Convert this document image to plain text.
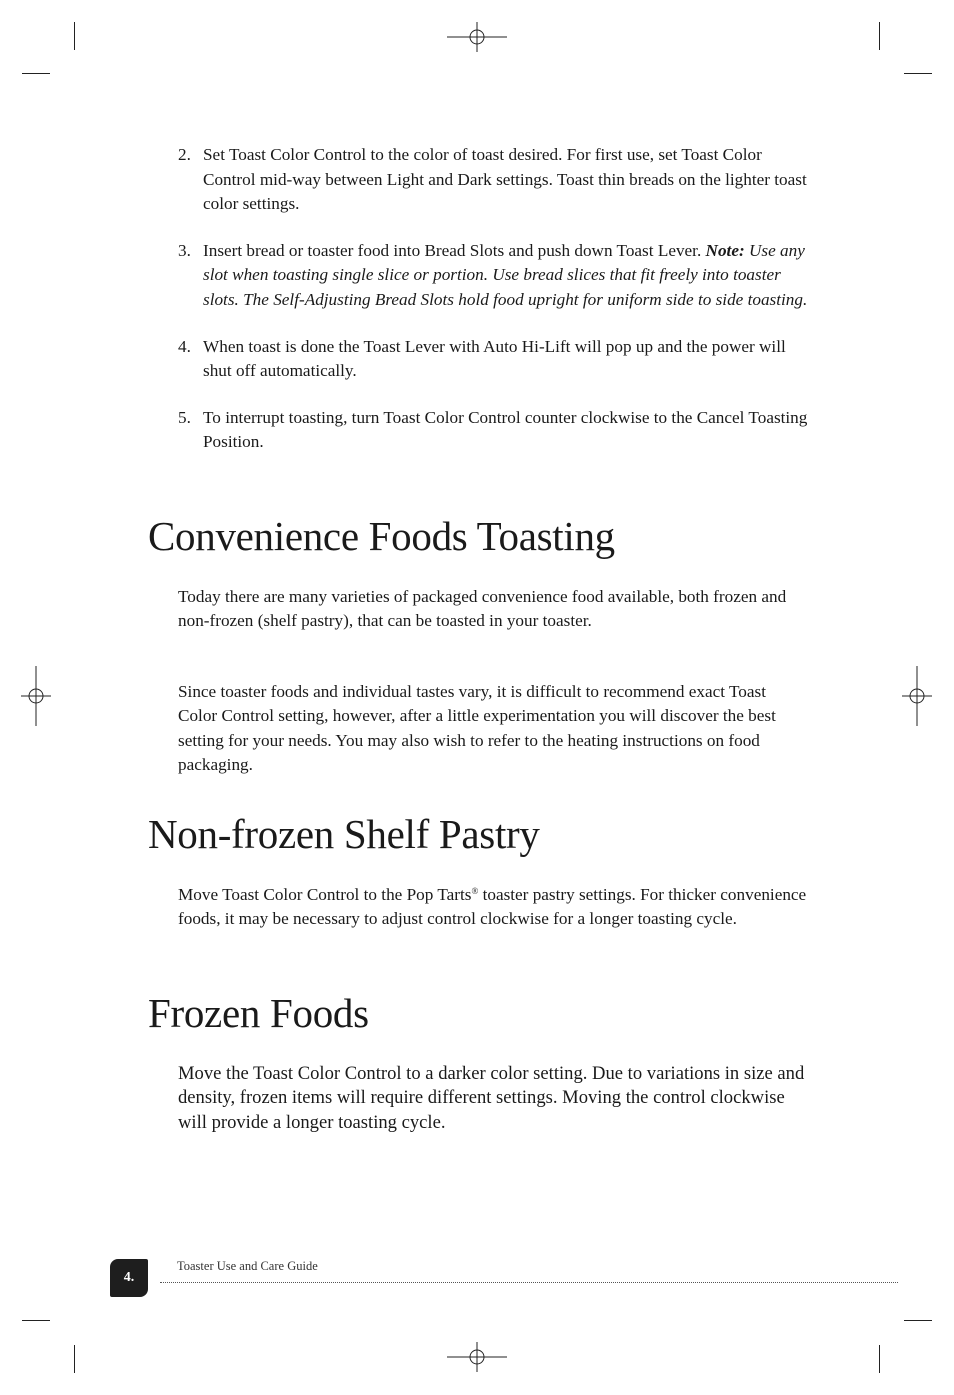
2. Set Toast Color Control to the color of toast desired. For first use, set Toast Color Control mid-way between Light and Dark settings. Toast thin breads on the lighter toast color settings.
3. Insert bread or toaster food into Bread Slots and push down Toast Lever. Note: Use any slot when toasting single slice or portion. Use bread slices that fit freely into toaster slots. The Self-Adjusting Bread Slots hold food upright for uniform side to side toasting.
4. When toast is done the Toast Lever with Auto Hi-Lift will pop up and the power will shut off automatically.
5. To interrupt toasting, turn Toast Color Control counter clockwise to the Cancel Toasting Position.
Convenience Foods Toasting

Today there are many varieties of packaged convenience food available, both frozen and non-frozen (shelf pastry), that can be toasted in your toaster.

Since toaster foods and individual tastes vary, it is difficult to recommend exact Toast Color Control setting, however, after a little experimentation you will discover the best setting for your needs. You may also wish to refer to the heating instructions on food packaging.

Non-frozen Shelf Pastry

Move Toast Color Control to the Pop Tarts® toaster pastry settings. For thicker convenience foods, it may be necessary to adjust control clockwise for a longer toasting cycle.

Frozen Foods

Move the Toast Color Control to a darker color setting. Due to variations in size and density, frozen items will require different settings. Moving the control clockwise will provide a longer toasting cycle.

4.
Toaster Use and Care Guide
